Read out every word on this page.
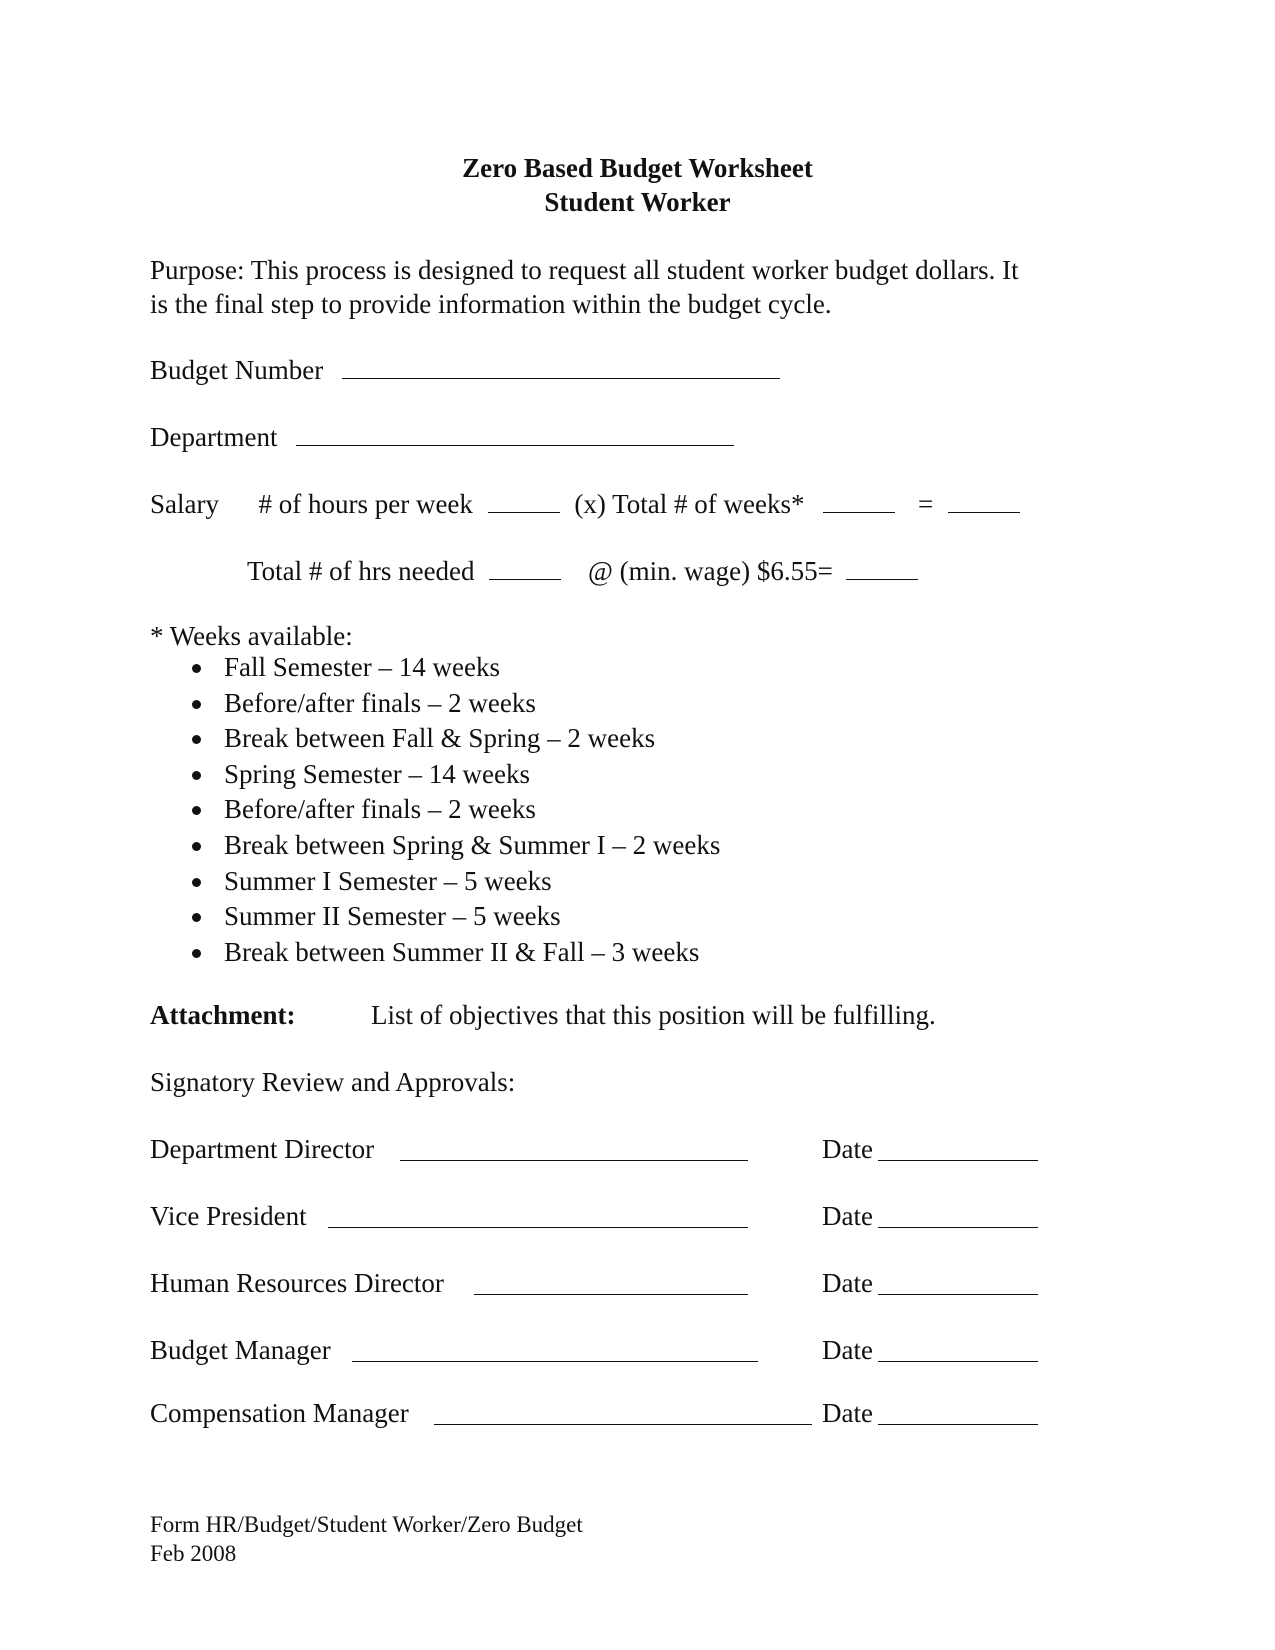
Zero Based Budget Worksheet
Student Worker
Purpose: This process is designed to request all student worker budget dollars. It
is the final step to provide information within the budget cycle.
Budget Number
Department
Salary # of hours per week	(x) Total # of weeks*	=
Total # of hrs needed	@ (min. wage) $6.55=
* Weeks available:
Fall Semester – 14 weeks
Before/after finals – 2 weeks
Break between Fall & Spring – 2 weeks
Spring Semester – 14 weeks
Before/after finals – 2 weeks
Break between Spring & Summer I – 2 weeks
Summer I Semester – 5 weeks
Summer II Semester – 5 weeks
Break between Summer II & Fall – 3 weeks
Attachment:	List of objectives that this position will be fulfilling.
Signatory Review and Approvals:
Department Director	Date
Vice President	Date
Human Resources Director	Date
Budget Manager	Date
Compensation Manager	Date
Form HR/Budget/Student Worker/Zero Budget
Feb 2008
